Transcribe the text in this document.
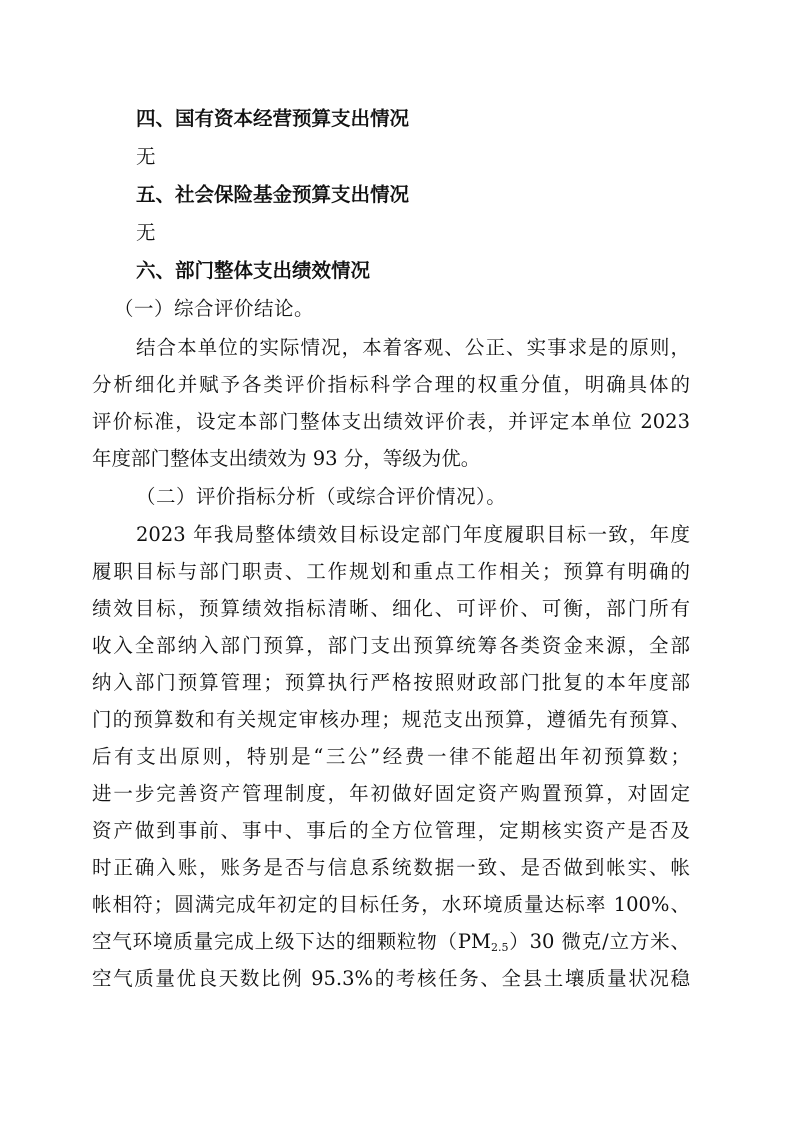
四、国有资本经营预算支出情况
无
五、社会保险基金预算支出情况
无
六、部门整体支出绩效情况
（一）综合评价结论。
结合本单位的实际情况，本着客观、公正、实事求是的原则，
分析细化并赋予各类评价指标科学合理的权重分值，明确具体的
评价标准，设定本部门整体支出绩效评价表，并评定本单位 2023
年度部门整体支出绩效为 93 分，等级为优。
（二）评价指标分析（或综合评价情况）。
2023 年我局整体绩效目标设定部门年度履职目标一致，年度
履职目标与部门职责、工作规划和重点工作相关；预算有明确的
绩效目标，预算绩效指标清晰、细化、可评价、可衡，部门所有
收入全部纳入部门预算，部门支出预算统筹各类资金来源，全部
纳入部门预算管理；预算执行严格按照财政部门批复的本年度部
门的预算数和有关规定审核办理；规范支出预算，遵循先有预算、
后有支出原则，特别是“三公”经费一律不能超出年初预算数；
进一步完善资产管理制度，年初做好固定资产购置预算，对固定
资产做到事前、事中、事后的全方位管理，定期核实资产是否及
时正确入账，账务是否与信息系统数据一致、是否做到帐实、帐
帐相符；圆满完成年初定的目标任务，水环境质量达标率 100%、
空气环境质量完成上级下达的细颗粒物$(PM_{2.5})30$ 微克/立方米、
空气质量优良天数比例 95.3%的考核任务、全县土壤质量状况稳
